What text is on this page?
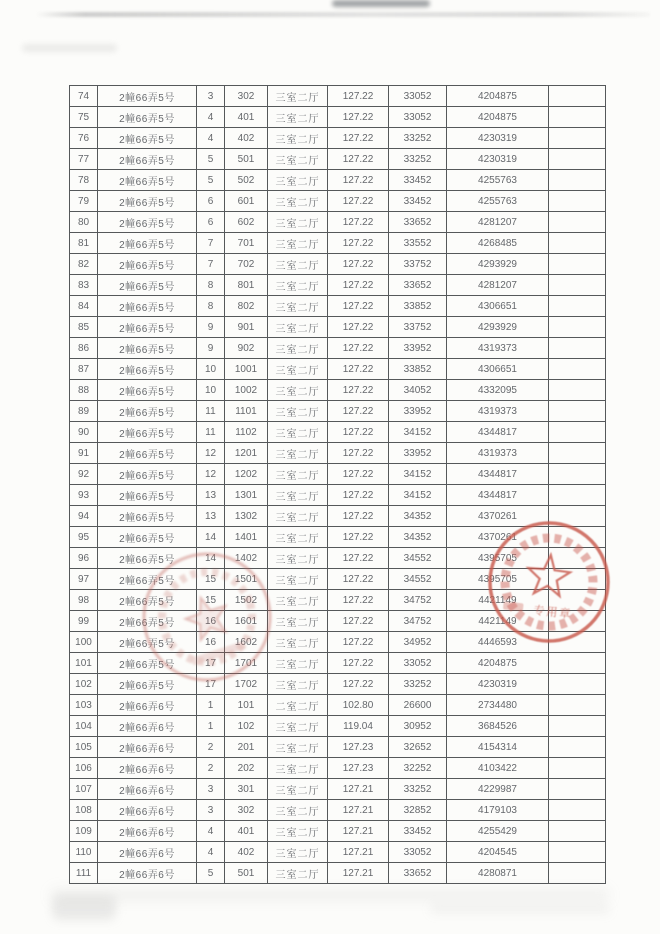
74	2幢66弄5号	3	302	三室二厅	127.22	33052	4204875	
75	2幢66弄5号	4	401	三室二厅	127.22	33052	4204875	
76	2幢66弄5号	4	402	三室二厅	127.22	33252	4230319	
77	2幢66弄5号	5	501	三室二厅	127.22	33252	4230319	
78	2幢66弄5号	5	502	三室二厅	127.22	33452	4255763	
79	2幢66弄5号	6	601	三室二厅	127.22	33452	4255763	
80	2幢66弄5号	6	602	三室二厅	127.22	33652	4281207	
81	2幢66弄5号	7	701	三室二厅	127.22	33552	4268485	
82	2幢66弄5号	7	702	三室二厅	127.22	33752	4293929	
83	2幢66弄5号	8	801	三室二厅	127.22	33652	4281207	
84	2幢66弄5号	8	802	三室二厅	127.22	33852	4306651	
85	2幢66弄5号	9	901	三室二厅	127.22	33752	4293929	
86	2幢66弄5号	9	902	三室二厅	127.22	33952	4319373	
87	2幢66弄5号	10	1001	三室二厅	127.22	33852	4306651	
88	2幢66弄5号	10	1002	三室二厅	127.22	34052	4332095	
89	2幢66弄5号	11	1101	三室二厅	127.22	33952	4319373	
90	2幢66弄5号	11	1102	三室二厅	127.22	34152	4344817	
91	2幢66弄5号	12	1201	三室二厅	127.22	33952	4319373	
92	2幢66弄5号	12	1202	三室二厅	127.22	34152	4344817	
93	2幢66弄5号	13	1301	三室二厅	127.22	34152	4344817	
94	2幢66弄5号	13	1302	三室二厅	127.22	34352	4370261	
95	2幢66弄5号	14	1401	三室二厅	127.22	34352	4370261	
96	2幢66弄5号	14	1402	三室二厅	127.22	34552	4395705	
97	2幢66弄5号	15	1501	三室二厅	127.22	34552	4395705	
98	2幢66弄5号	15	1502	三室二厅	127.22	34752	4421149	
99	2幢66弄5号	16	1601	三室二厅	127.22	34752	4421149	
100	2幢66弄5号	16	1602	三室二厅	127.22	34952	4446593	
101	2幢66弄5号	17	1701	三室二厅	127.22	33052	4204875	
102	2幢66弄5号	17	1702	三室二厅	127.22	33252	4230319	
103	2幢66弄6号	1	101	二室二厅	102.80	26600	2734480	
104	2幢66弄6号	1	102	三室二厅	119.04	30952	3684526	
105	2幢66弄6号	2	201	三室二厅	127.23	32652	4154314	
106	2幢66弄6号	2	202	三室二厅	127.23	32252	4103422	
107	2幢66弄6号	3	301	三室二厅	127.21	33252	4229987	
108	2幢66弄6号	3	302	三室二厅	127.21	32852	4179103	
109	2幢66弄6号	4	401	三室二厅	127.21	33452	4255429	
110	2幢66弄6号	4	402	三室二厅	127.21	33052	4204545	
111	2幢66弄6号	5	501	三室二厅	127.21	33652	4280871	
专用章
